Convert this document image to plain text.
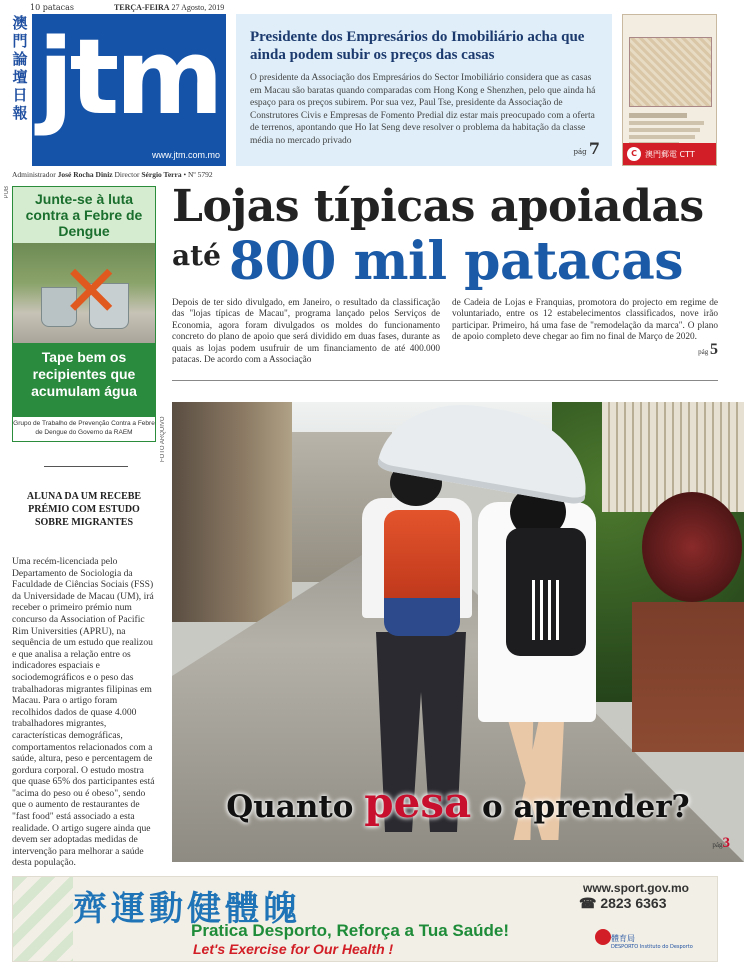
10 patacas	TERÇA-FEIRA 27 Agosto, 2019
澳
門
論
壇
日
報 jtm
www.jtm.com.mo
Administrador José Rocha Diniz Director Sérgio Terra • Nº 5792
Presidente dos Empresários do Imobiliário acha que ainda podem subir os preços das casas

O presidente da Associação dos Empresários do Sector Imobiliário considera que as casas em Macau são baratas quando comparadas com Hong Kong e Shenzhen, pelo que ainda há espaço para os preços subirem. Por sua vez, Paul Tse, presidente da Associação de Construtores Civis e Empresas de Fomento Predial diz estar mais preocupado com a oferta de terrenos, apontando que Ho Iat Seng deve resolver o problema da habitação da classe média no mercado privado

pág 7	C	澳門郵電 CTT
PUB	Junte-se à luta contra a Febre de Dengue
✕
Tape bem os recipientes que acumulam água
Grupo de Trabalho de Prevenção Contra a Febre de Dengue do Governo da RAEM
ALUNA DA UM RECEBE PRÉMIO COM ESTUDO SOBRE MIGRANTES
Uma recém-licenciada pelo Departamento de Sociologia da Faculdade de Ciências Sociais (FSS) da Universidade de Macau (UM), irá receber o primeiro prémio num concurso da Association of Pacific Rim Universities (APRU), na sequência de um estudo que realizou e que analisa a relação entre os indicadores espaciais e sociodemográficos e o peso das trabalhadoras migrantes filipinas em Macau. Para o artigo foram recolhidos dados de quase 4.000 trabalhadores migrantes, características demográficas, comportamentos relacionados com a saúde, altura, peso e percentagem de gordura corporal. O estudo mostra que quase 65% dos participantes está "acima do peso ou é obeso", sendo que o aumento de restaurantes de "fast food" está associado a esta realidade. O artigo sugere ainda que devem ser adoptadas medidas de intervenção para melhorar a saúde desta população.
Lojas típicas apoiadas
$^{até}$ 800 mil patacas
Depois de ter sido divulgado, em Janeiro, o resultado da classificação das "lojas típicas de Macau", programa lançado pelos Serviços de Economia, agora foram divulgados os moldes do funcionamento concreto do plano de apoio que será dividido em duas fases, durante as quais as lojas podem usufruir de um financiamento de até 400.000 patacas. De acordo com a Associação
de Cadeia de Lojas e Franquias, promotora do projecto em regime de voluntariado, entre os 12 estabelecimentos classificados, nove irão participar. Primeiro, há uma fase de "remodelação da marca". O plano de apoio completo deve chegar ao fim no final de Março de 2020.
pág 5
FOTO ARQUIVO
Quanto pesa o aprender?
pág3
齊運動健體魄
www.sport.gov.mo
☎ 2823 6363
Pratica Desporto, Reforça a Tua Saúde!
Let's Exercise for Our Health !
體育局
DESPORTO Instituto do Desporto
